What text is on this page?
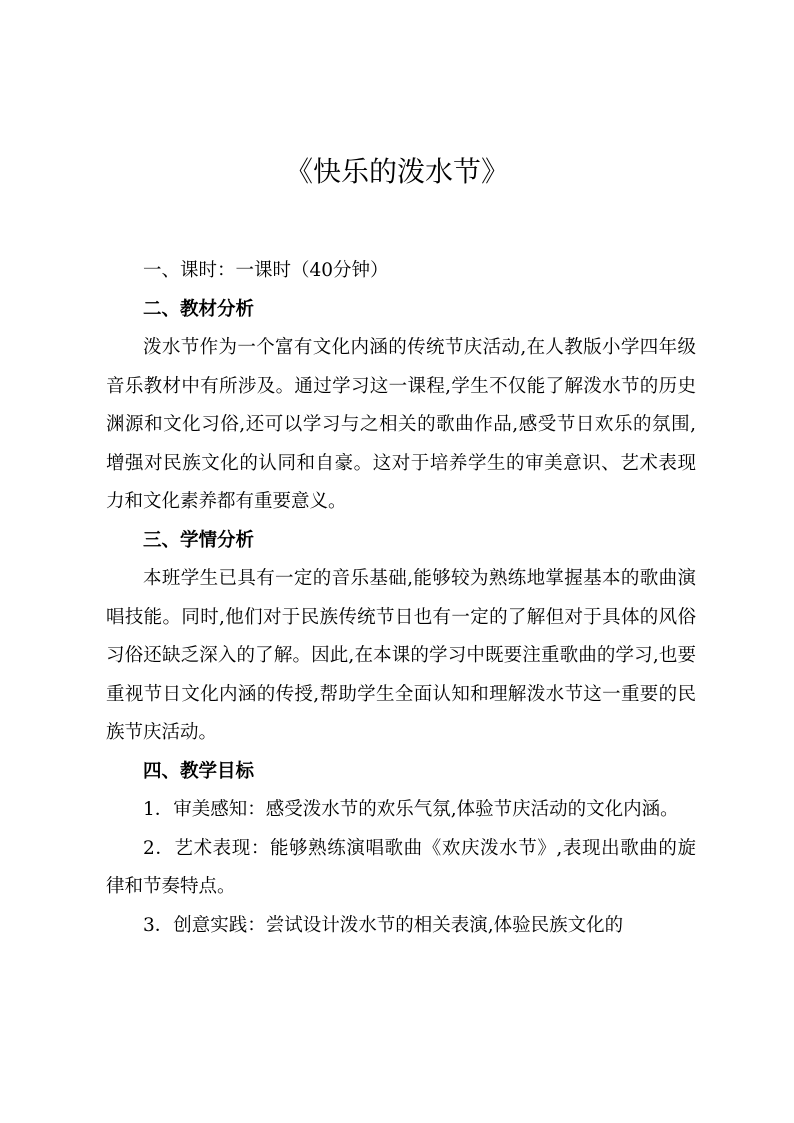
《快乐的泼水节》

一、课时：一课时（40分钟）

二、教材分析

泼水节作为一个富有文化内涵的传统节庆活动,在人教版小学四年级音乐教材中有所涉及。通过学习这一课程,学生不仅能了解泼水节的历史渊源和文化习俗,还可以学习与之相关的歌曲作品,感受节日欢乐的氛围,增强对民族文化的认同和自豪。这对于培养学生的审美意识、艺术表现力和文化素养都有重要意义。

三、学情分析

本班学生已具有一定的音乐基础,能够较为熟练地掌握基本的歌曲演唱技能。同时,他们对于民族传统节日也有一定的了解但对于具体的风俗习俗还缺乏深入的了解。因此,在本课的学习中既要注重歌曲的学习,也要重视节日文化内涵的传授,帮助学生全面认知和理解泼水节这一重要的民族节庆活动。

四、教学目标

1．审美感知：感受泼水节的欢乐气氛,体验节庆活动的文化内涵。

2．艺术表现：能够熟练演唱歌曲《欢庆泼水节》,表现出歌曲的旋律和节奏特点。

3．创意实践：尝试设计泼水节的相关表演,体验民族文化的
